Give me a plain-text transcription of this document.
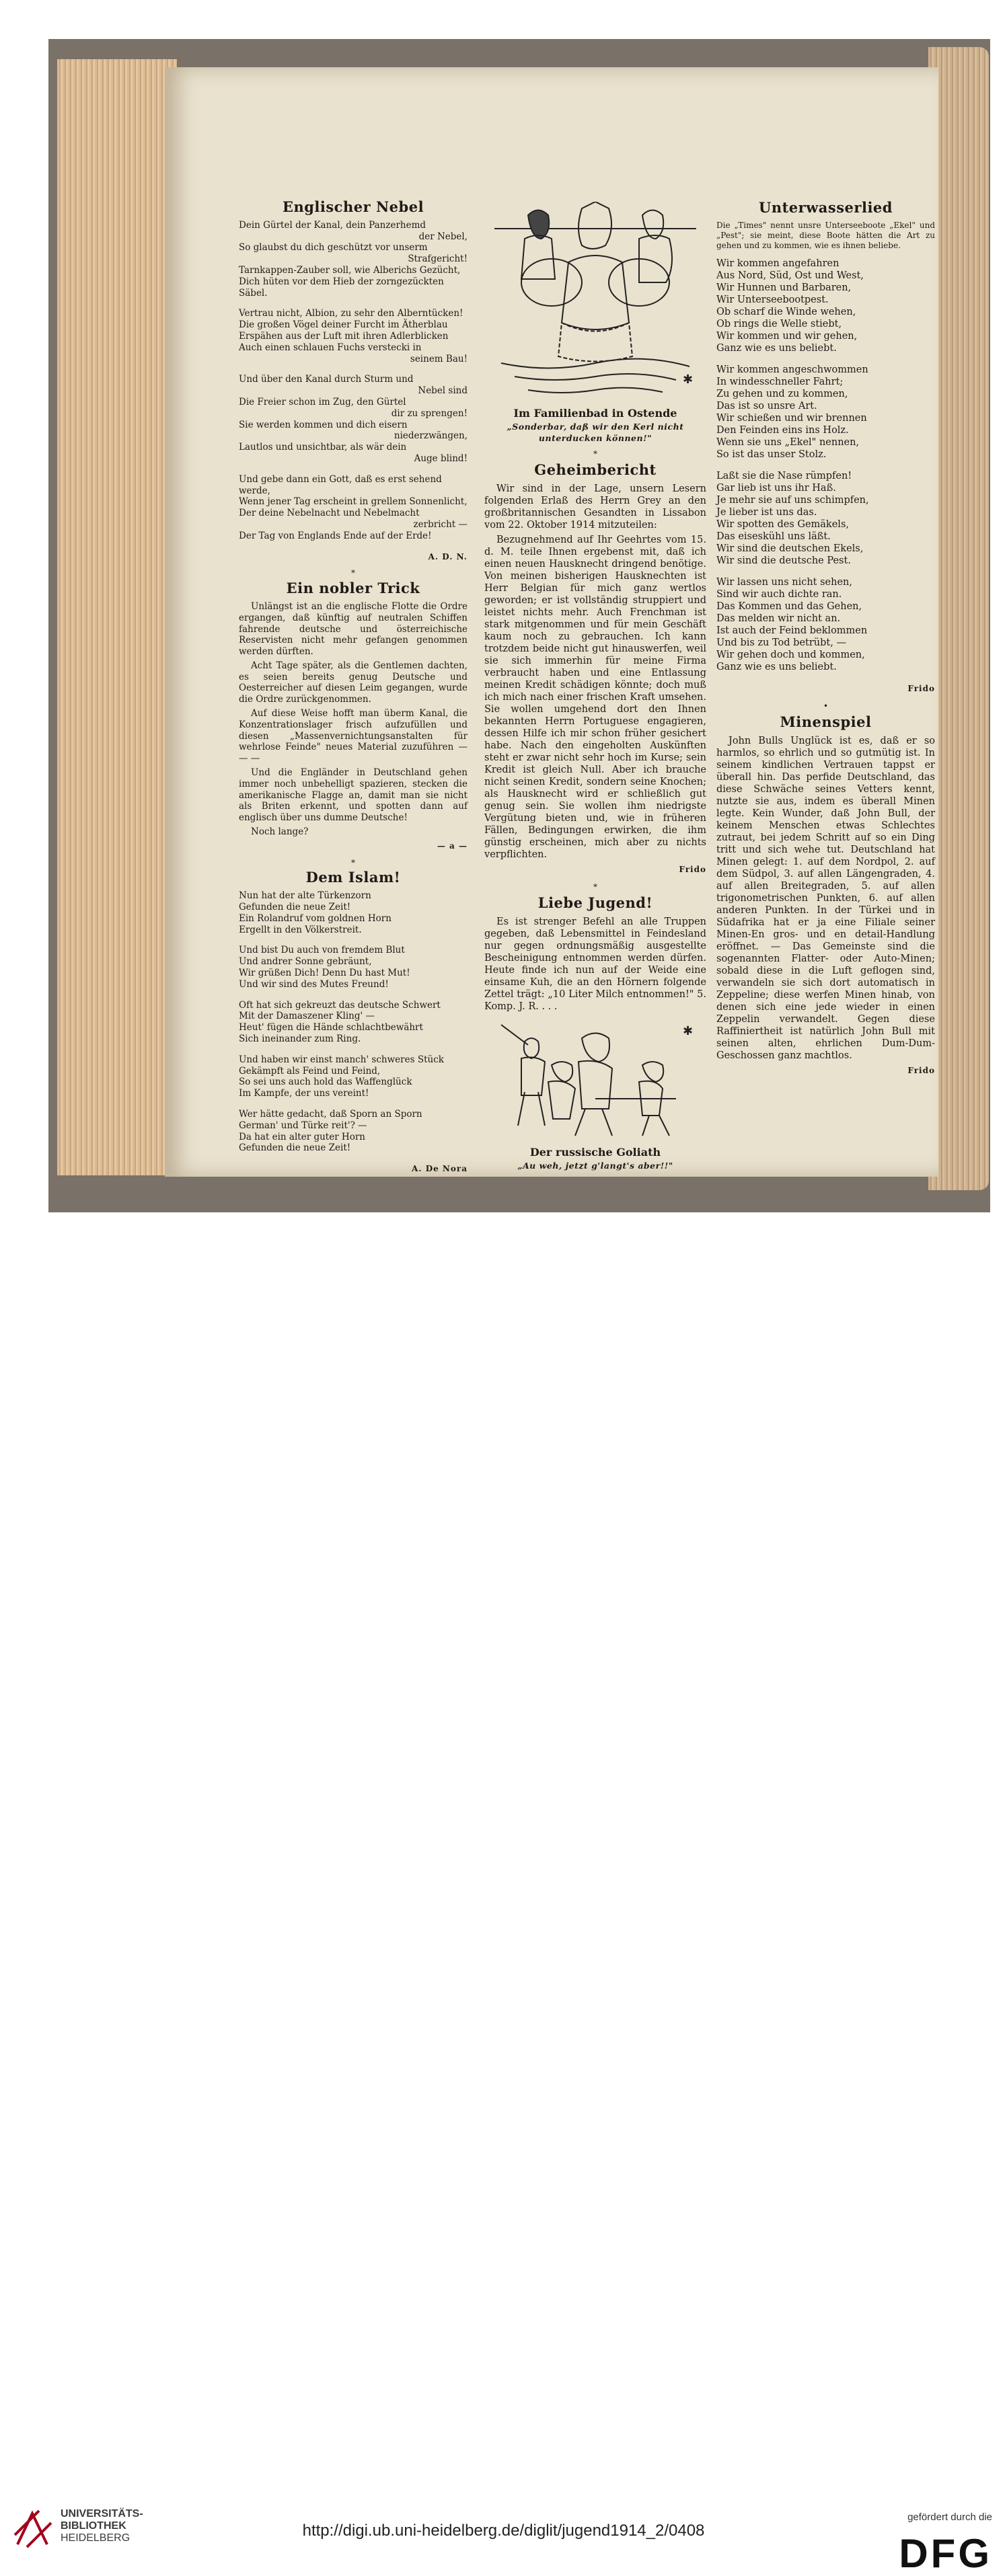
Englischer Nebel

Dein Gürtel der Kanal, dein Panzerhemd

der Nebel,

So glaubst du dich geschützt vor unserm

Strafgericht!

Tarnkappen-Zauber soll, wie Alberichs Gezücht,

Dich hüten vor dem Hieb der zorngezückten Säbel.

Vertrau nicht, Albion, zu sehr den Alberntücken!

Die großen Vögel deiner Furcht im Ätherblau

Erspähen aus der Luft mit ihren Adlerblicken

Auch einen schlauen Fuchs verstecki in

seinem Bau!

Und über den Kanal durch Sturm und

Nebel sind

Die Freier schon im Zug, den Gürtel

dir zu sprengen!

Sie werden kommen und dich eisern

niederzwängen,

Lautlos und unsichtbar, als wär dein

Auge blind!

Und gebe dann ein Gott, daß es erst sehend werde,

Wenn jener Tag erscheint in grellem Sonnenlicht,

Der deine Nebelnacht und Nebelmacht

zerbricht —

Der Tag von Englands Ende auf der Erde!

A. D. N.
*
Ein nobler Trick

Unlängst ist an die englische Flotte die Ordre ergangen, daß künftig auf neutralen Schiffen fahrende deutsche und österreichische Reservisten nicht mehr gefangen genommen werden dürften.

Acht Tage später, als die Gentlemen dachten, es seien bereits genug Deutsche und Oesterreicher auf diesen Leim gegangen, wurde die Ordre zurückgenommen.

Auf diese Weise hofft man überm Kanal, die Konzentrationslager frisch aufzufüllen und diesen „Massenvernichtungsanstalten für wehrlose Feinde" neues Material zuzuführen — — —

Und die Engländer in Deutschland gehen immer noch unbehelligt spazieren, stecken die amerikanische Flagge an, damit man sie nicht als Briten erkennt, und spotten dann auf englisch über uns dumme Deutsche!

Noch lange?

— a —
*
Dem Islam!

Nun hat der alte Türkenzorn

Gefunden die neue Zeit!

Ein Rolandruf vom goldnen Horn

Ergellt in den Völkerstreit.

Und bist Du auch von fremdem Blut

Und andrer Sonne gebräunt,

Wir grüßen Dich! Denn Du hast Mut!

Und wir sind des Mutes Freund!

Oft hat sich gekreuzt das deutsche Schwert

Mit der Damaszener Kling' —

Heut' fügen die Hände schlachtbewährt

Sich ineinander zum Ring.

Und haben wir einst manch' schweres Stück

Gekämpft als Feind und Feind,

So sei uns auch hold das Waffenglück

Im Kampfe, der uns vereint!

Wer hätte gedacht, daß Sporn an Sporn

German' und Türke reit'? —

Da hat ein alter guter Horn

Gefunden die neue Zeit!

A. De Nora
✱
Im Familienbad in Ostende
„Sonderbar, daß wir den Kerl nicht unterducken können!"
*
Geheimbericht

Wir sind in der Lage, unsern Lesern folgenden Erlaß des Herrn Grey an den großbritannischen Gesandten in Lissabon vom 22. Oktober 1914 mitzuteilen:

Bezugnehmend auf Ihr Geehrtes vom 15. d. M. teile Ihnen ergebenst mit, daß ich einen neuen Hausknecht dringend benötige. Von meinen bisherigen Hausknechten ist Herr Belgian für mich ganz wertlos geworden; er ist vollständig struppiert und leistet nichts mehr. Auch Frenchman ist stark mitgenommen und für mein Geschäft kaum noch zu gebrauchen. Ich kann trotzdem beide nicht gut hinauswerfen, weil sie sich immerhin für meine Firma verbraucht haben und eine Entlassung meinen Kredit schädigen könnte; doch muß ich mich nach einer frischen Kraft umsehen. Sie wollen umgehend dort den Ihnen bekannten Herrn Portuguese engagieren, dessen Hilfe ich mir schon früher gesichert habe. Nach den eingeholten Auskünften steht er zwar nicht sehr hoch im Kurse; sein Kredit ist gleich Null. Aber ich brauche nicht seinen Kredit, sondern seine Knochen; als Hausknecht wird er schließlich gut genug sein. Sie wollen ihm niedrigste Vergütung bieten und, wie in früheren Fällen, Bedingungen erwirken, die ihm günstig erscheinen, mich aber zu nichts verpflichten.

Frido
*
Liebe Jugend!

Es ist strenger Befehl an alle Truppen gegeben, daß Lebensmittel in Feindesland nur gegen ordnungsmäßig ausgestellte Bescheinigung entnommen werden dürfen. Heute finde ich nun auf der Weide eine einsame Kuh, die an den Hörnern folgende Zettel trägt: „10 Liter Milch entnommen!" 5. Komp. J. R. . . .

✱
Der russische Goliath
„Au weh, jetzt g'langt's aber!!"
Unterwasserlied
Die „Times" nennt unsre Unterseeboote „Ekel" und „Pest"; sie meint, diese Boote hätten die Art zu gehen und zu kommen, wie es ihnen beliebe.

Wir kommen angefahren

Aus Nord, Süd, Ost und West,

Wir Hunnen und Barbaren,

Wir Unterseebootpest.

Ob scharf die Winde wehen,

Ob rings die Welle stiebt,

Wir kommen und wir gehen,

Ganz wie es uns beliebt.

Wir kommen angeschwommen

In windesschneller Fahrt;

Zu gehen und zu kommen,

Das ist so unsre Art.

Wir schießen und wir brennen

Den Feinden eins ins Holz.

Wenn sie uns „Ekel" nennen,

So ist das unser Stolz.

Laßt sie die Nase rümpfen!

Gar lieb ist uns ihr Haß.

Je mehr sie auf uns schimpfen,

Je lieber ist uns das.

Wir spotten des Gemäkels,

Das eiseskühl uns läßt.

Wir sind die deutschen Ekels,

Wir sind die deutsche Pest.

Wir lassen uns nicht sehen,

Sind wir auch dichte ran.

Das Kommen und das Gehen,

Das melden wir nicht an.

Ist auch der Feind beklommen

Und bis zu Tod betrübt, —

Wir gehen doch und kommen,

Ganz wie es uns beliebt.

Frido
•
Minenspiel

John Bulls Unglück ist es, daß er so harmlos, so ehrlich und so gutmütig ist. In seinem kindlichen Vertrauen tappst er überall hin. Das perfide Deutschland, das diese Schwäche seines Vetters kennt, nutzte sie aus, indem es überall Minen legte. Kein Wunder, daß John Bull, der keinem Menschen etwas Schlechtes zutraut, bei jedem Schritt auf so ein Ding tritt und sich wehe tut. Deutschland hat Minen gelegt: 1. auf dem Nordpol, 2. auf dem Südpol, 3. auf allen Längengraden, 4. auf allen Breitegraden, 5. auf allen trigonometrischen Punkten, 6. auf allen anderen Punkten. In der Türkei und in Südafrika hat er ja eine Filiale seiner Minen-En gros- und en detail-Handlung eröffnet. — Das Gemeinste sind die sogenannten Flatter- oder Auto-Minen; sobald diese in die Luft geflogen sind, verwandeln sie sich dort automatisch in Zeppeline; diese werfen Minen hinab, von denen sich eine jede wieder in einen Zeppelin verwandelt. Gegen diese Raffiniertheit ist natürlich John Bull mit seinen alten, ehrlichen Dum-Dum-Geschossen ganz machtlos.

Frido
UNIVERSITÄTS-
BIBLIOTHEK
HEIDELBERG	http://digi.ub.uni-heidelberg.de/diglit/jugend1914_2/0408
gefördert durch die
DFG
